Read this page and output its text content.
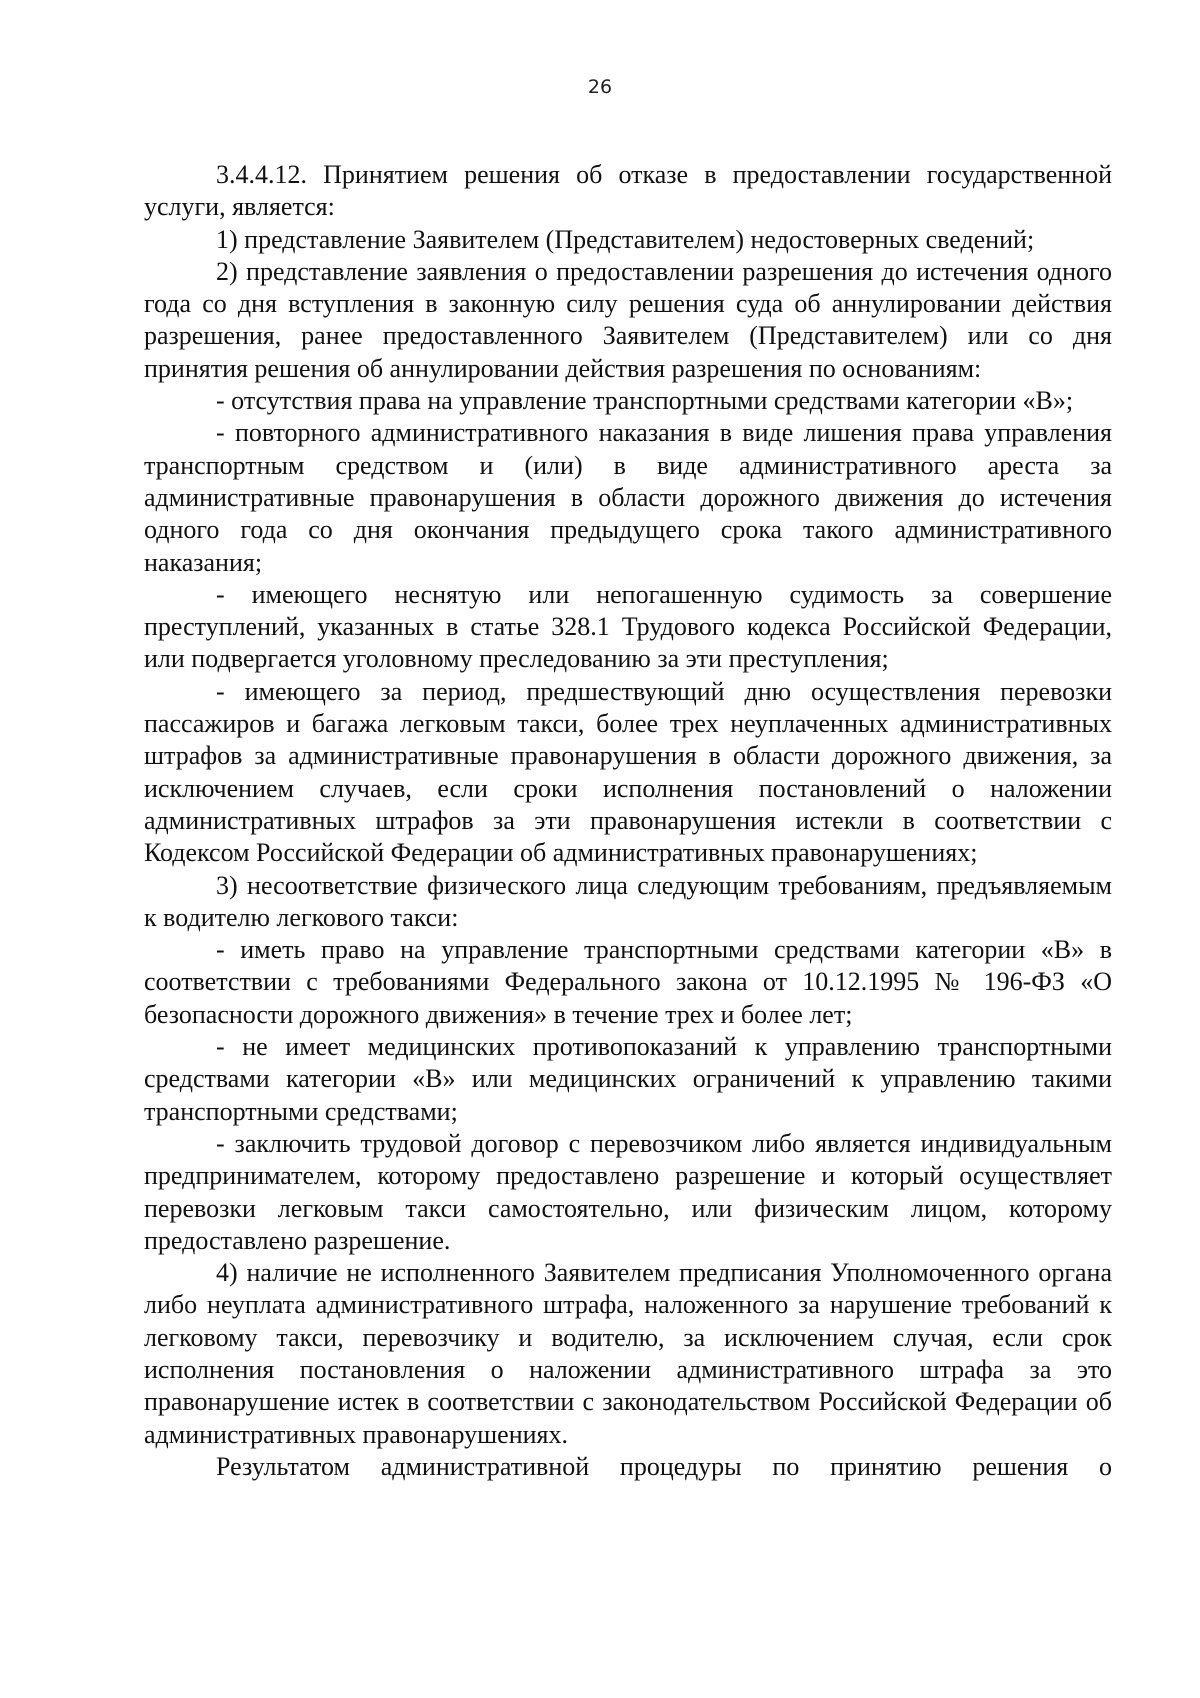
26

3.4.4.12. Принятием решения об отказе в предоставлении государственной услуги, является:

1) представление Заявителем (Представителем) недостоверных сведений;

2) представление заявления о предоставлении разрешения до истечения одного года со дня вступления в законную силу решения суда об аннулировании действия разрешения, ранее предоставленного Заявителем (Представителем) или со дня принятия решения об аннулировании действия разрешения по основаниям:

- отсутствия права на управление транспортными средствами категории «В»;

- повторного административного наказания в виде лишения права управления транспортным средством и (или) в виде административного ареста за административные правонарушения в области дорожного движения до истечения одного года со дня окончания предыдущего срока такого административного наказания;

- имеющего неснятую или непогашенную судимость за совершение преступлений, указанных в статье 328.1 Трудового кодекса Российской Федерации, или подвергается уголовному преследованию за эти преступления;

- имеющего за период, предшествующий дню осуществления перевозки пассажиров и багажа легковым такси, более трех неуплаченных административных штрафов за административные правонарушения в области дорожного движения, за исключением случаев, если сроки исполнения постановлений о наложении административных штрафов за эти правонарушения истекли в соответствии с Кодексом Российской Федерации об административных правонарушениях;

3) несоответствие физического лица следующим требованиям, предъявляемым к водителю легкового такси:

- иметь право на управление транспортными средствами категории «В» в соответствии с требованиями Федерального закона от 10.12.1995 № 196-ФЗ «О безопасности дорожного движения» в течение трех и более лет;

- не имеет медицинских противопоказаний к управлению транспортными средствами категории «В» или медицинских ограничений к управлению такими транспортными средствами;

- заключить трудовой договор с перевозчиком либо является индивидуальным предпринимателем, которому предоставлено разрешение и который осуществляет перевозки легковым такси самостоятельно, или физическим лицом, которому предоставлено разрешение.

4) наличие не исполненного Заявителем предписания Уполномоченного органа либо неуплата административного штрафа, наложенного за нарушение требований к легковому такси, перевозчику и водителю, за исключением случая, если срок исполнения постановления о наложении административного штрафа за это правонарушение истек в соответствии с законодательством Российской Федерации об административных правонарушениях.

Результатом административной процедуры по принятию решения о
